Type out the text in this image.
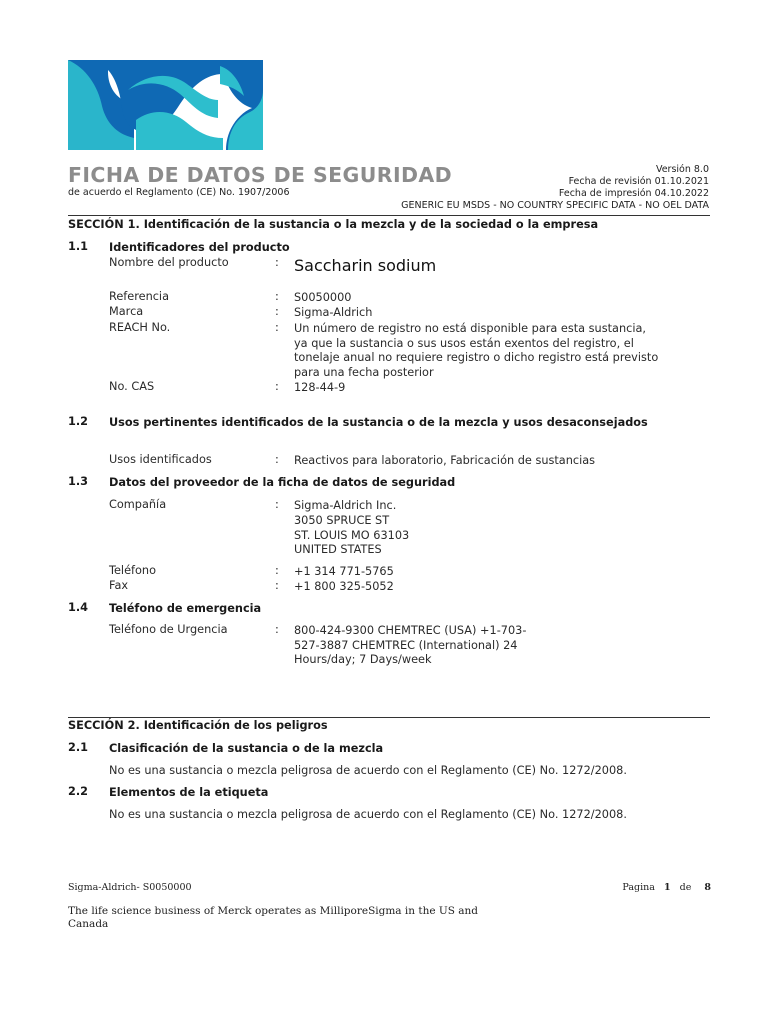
FICHA DE DATOS DE SEGURIDAD
de acuerdo el Reglamento (CE) No. 1907/2006
Versión 8.0
Fecha de revisión 01.10.2021
Fecha de impresión 04.10.2022
GENERIC EU MSDS - NO COUNTRY SPECIFIC DATA - NO OEL DATA
SECCIÓN 1. Identificación de la sustancia o la mezcla y de la sociedad o la empresa
1.1 Identificadores del producto
Nombre del producto	: Saccharin sodium
Referencia	: S0050000
Marca	: Sigma-Aldrich
REACH No.	: Un número de registro no está disponible para esta sustancia,
ya que la sustancia o sus usos están exentos del registro, el
tonelaje anual no requiere registro o dicho registro está previsto
para una fecha posterior
No. CAS	: 128-44-9
1.2 Usos pertinentes identificados de la sustancia o de la mezcla y usos desaconsejados
Usos identificados	: Reactivos para laboratorio, Fabricación de sustancias
1.3 Datos del proveedor de la ficha de datos de seguridad
Compañía	: Sigma-Aldrich Inc.
3050 SPRUCE ST
ST. LOUIS MO 63103
UNITED STATES
Teléfono	: +1 314 771-5765
Fax	: +1 800 325-5052
1.4 Teléfono de emergencia
Teléfono de Urgencia	: 800-424-9300 CHEMTREC (USA) +1-703-
527-3887 CHEMTREC (International) 24
Hours/day; 7 Days/week
SECCIÓN 2. Identificación de los peligros
2.1 Clasificación de la sustancia o de la mezcla
No es una sustancia o mezcla peligrosa de acuerdo con el Reglamento (CE) No. 1272/2008.
2.2 Elementos de la etiqueta
No es una sustancia o mezcla peligrosa de acuerdo con el Reglamento (CE) No. 1272/2008.
Sigma-Aldrich- S0050000	Pagina 1 de 8
The life science business of Merck operates as MilliporeSigma in the US and
Canada
